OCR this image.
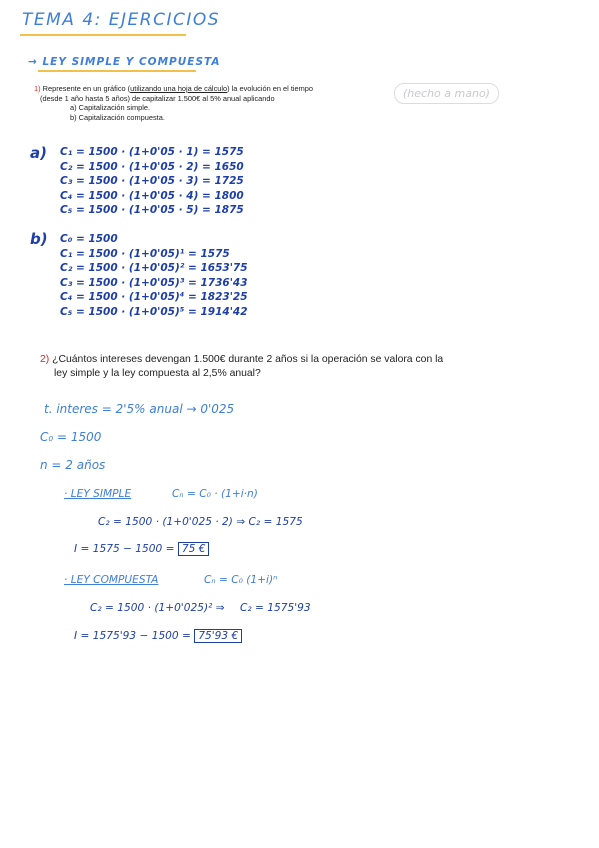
TEMA 4: EJERCICIOS
→ LEY SIMPLE Y COMPUESTA
1) Represente en un gráfico (utilizando una hoja de cálculo) la evolución en el tiempo
(desde 1 año hasta 5 años) de capitalizar 1.500€ al 5% anual aplicando
a) Capitalización simple.
b) Capitalización compuesta.
(hecho a mano)
a) C₁ = 1500 · (1+0'05 · 1) = 1575
C₂ = 1500 · (1+0'05 · 2) = 1650
C₃ = 1500 · (1+0'05 · 3) = 1725
C₄ = 1500 · (1+0'05 · 4) = 1800
C₅ = 1500 · (1+0'05 · 5) = 1875
b) C₀ = 1500
C₁ = 1500 · (1+0'05)¹ = 1575
C₂ = 1500 · (1+0'05)² = 1653'75
C₃ = 1500 · (1+0'05)³ = 1736'43
C₄ = 1500 · (1+0'05)⁴ = 1823'25
C₅ = 1500 · (1+0'05)⁵ = 1914'42
2) ¿Cuántos intereses devengan 1.500€ durante 2 años si la operación se valora con la
ley simple y la ley compuesta al 2,5% anual?
t. interes = 2'5% anual → 0'025
C₀ = 1500
n = 2 años
· LEY SIMPLE	Cₙ = C₀ · (1+i·n)
C₂ = 1500 · (1+0'025 · 2) ⇒ C₂ = 1575
I = 1575 − 1500 = 75 €
· LEY COMPUESTA	Cₙ = C₀ (1+i)ⁿ
C₂ = 1500 · (1+0'025)² ⇒ C₂ = 1575'93
I = 1575'93 − 1500 = 75'93 €
